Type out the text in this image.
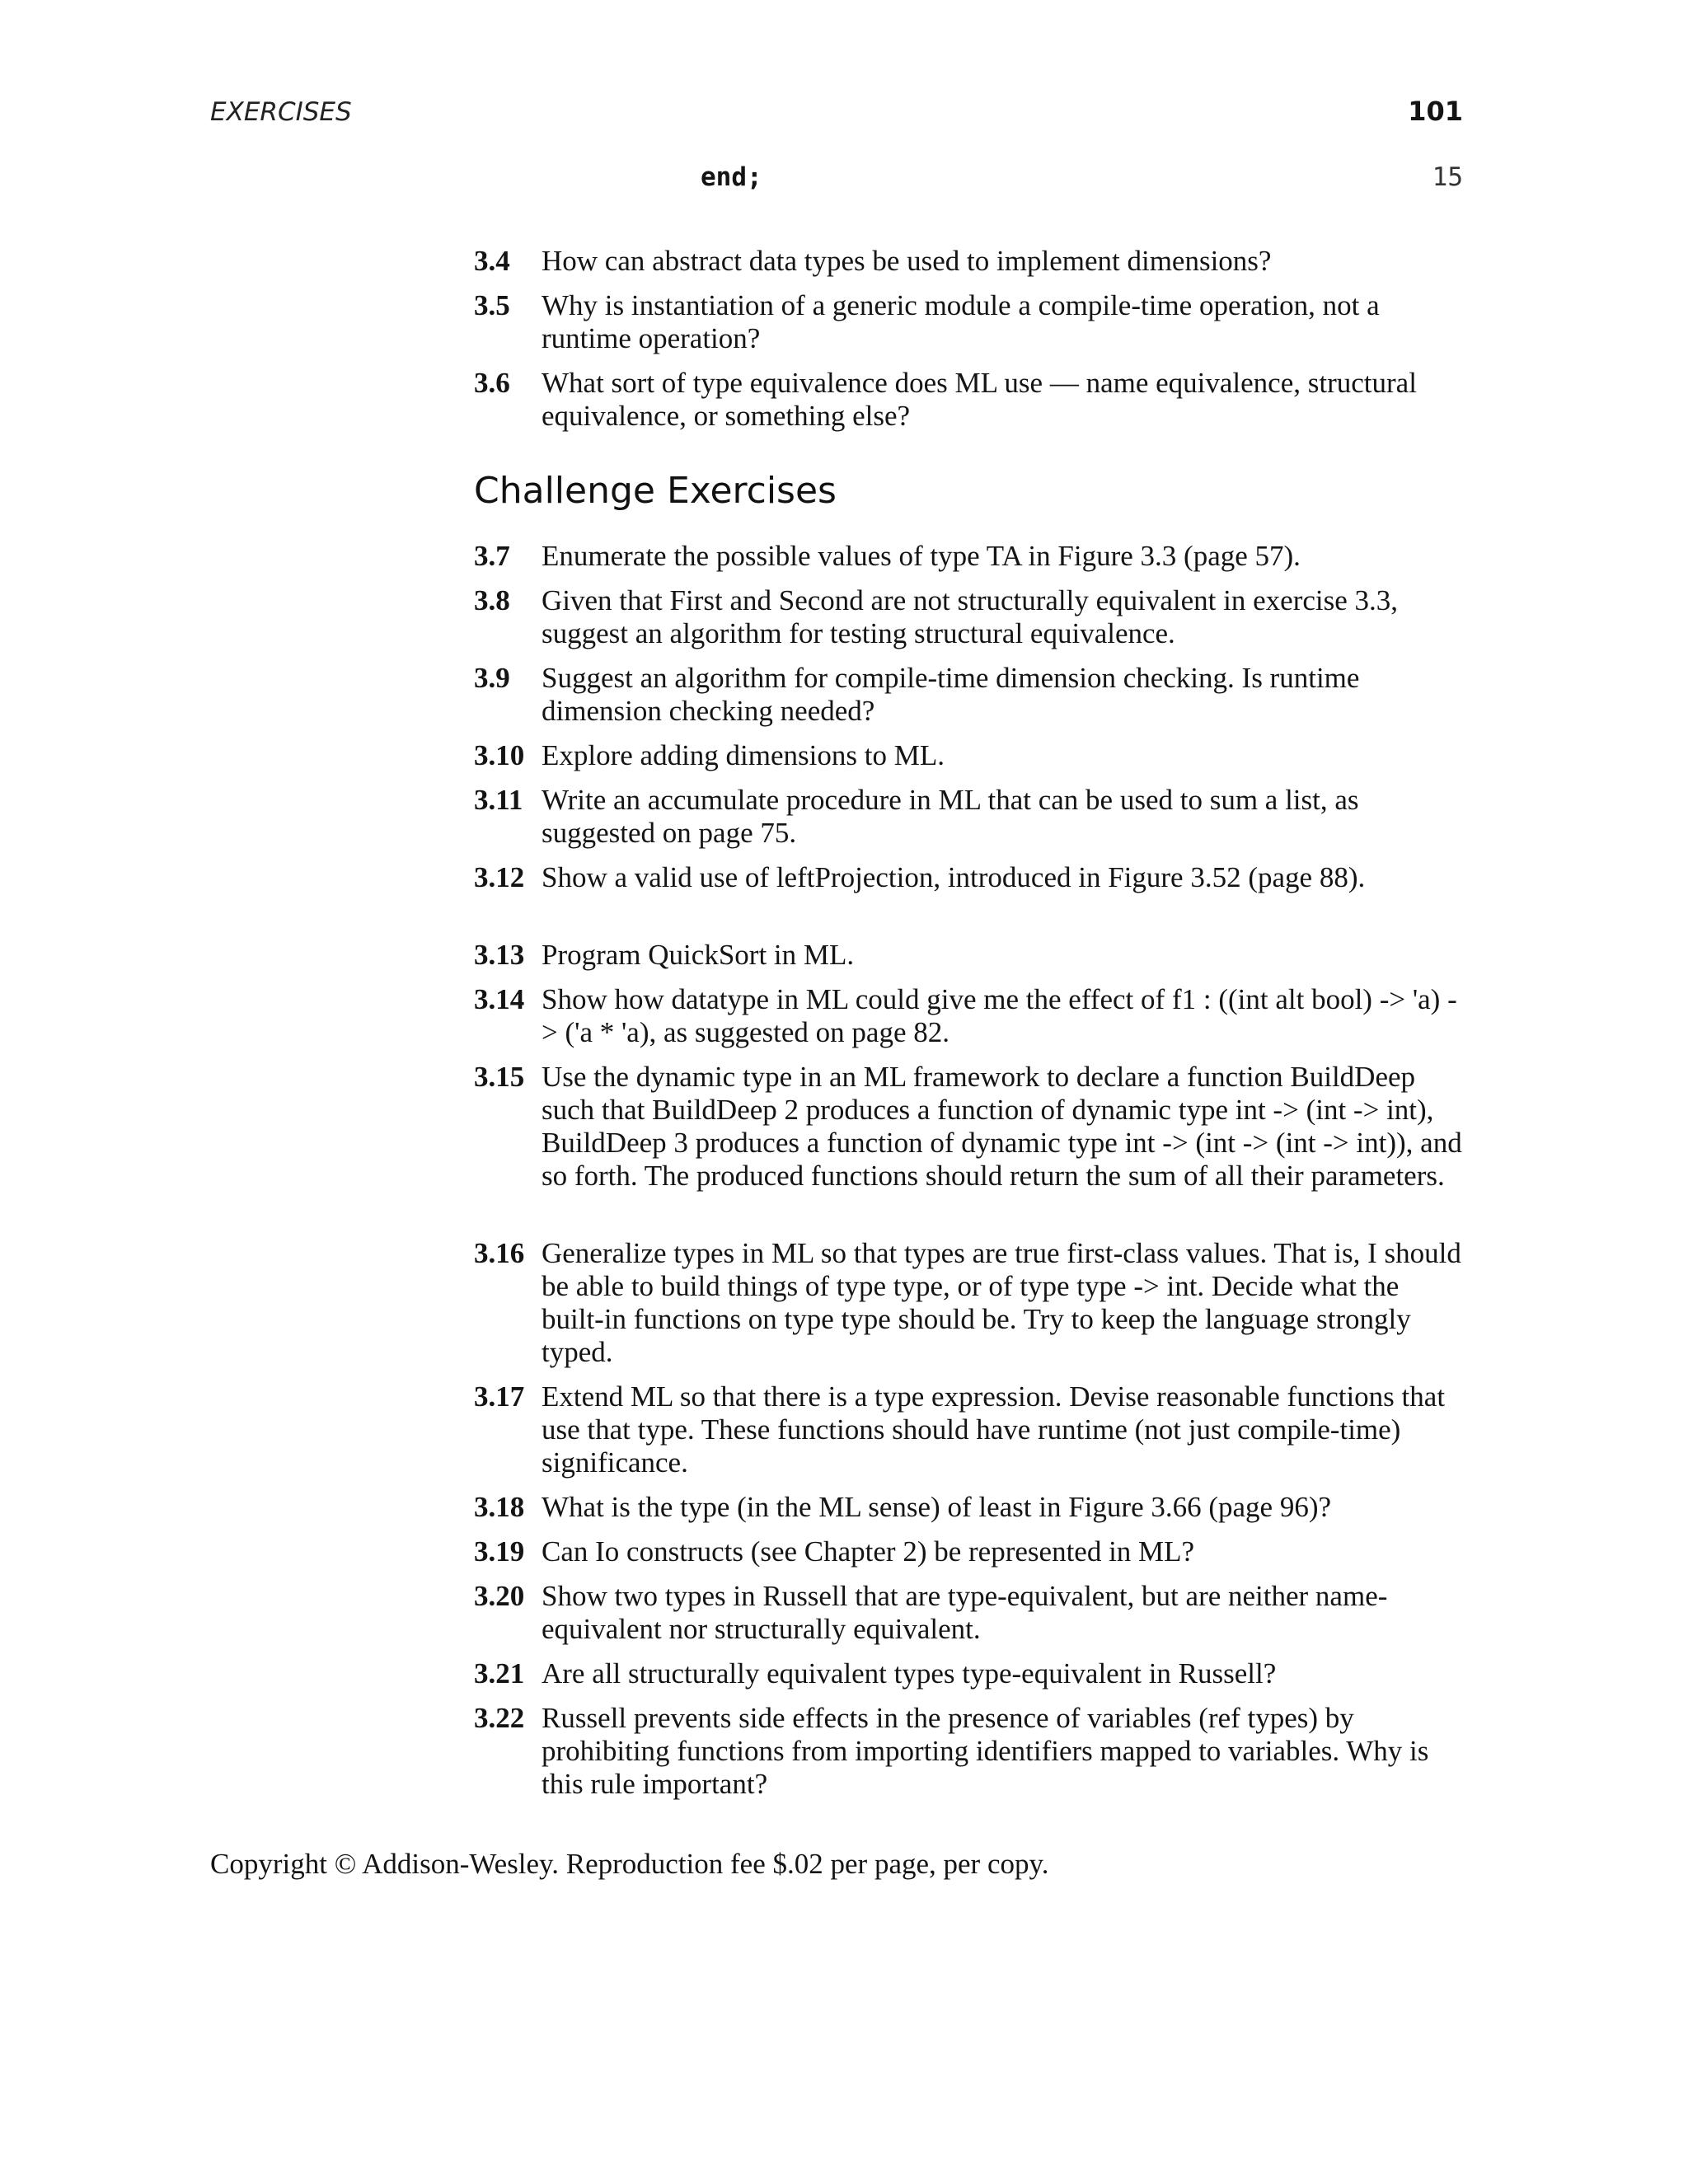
EXERCISES	101
end;	15
3.4 How can abstract data types be used to implement dimensions?
3.5 Why is instantiation of a generic module a compile-time operation, not a runtime operation?
3.6 What sort of type equivalence does ML use — name equivalence, structural equivalence, or something else?
Challenge Exercises
3.7 Enumerate the possible values of type TA in Figure 3.3 (page 57).
3.8 Given that First and Second are not structurally equivalent in exercise 3.3, suggest an algorithm for testing structural equivalence.
3.9 Suggest an algorithm for compile-time dimension checking. Is runtime dimension checking needed?
3.10 Explore adding dimensions to ML.
3.11 Write an accumulate procedure in ML that can be used to sum a list, as suggested on page 75.
3.12 Show a valid use of leftProjection, introduced in Figure 3.52 (page 88).
3.13 Program QuickSort in ML.
3.14 Show how datatype in ML could give me the effect of f1 : ((int alt bool) -> 'a) -> ('a * 'a), as suggested on page 82.
3.15 Use the dynamic type in an ML framework to declare a function BuildDeep such that BuildDeep 2 produces a function of dynamic type int -> (int -> int), BuildDeep 3 produces a function of dynamic type int -> (int -> (int -> int)), and so forth. The produced functions should return the sum of all their parameters.
3.16 Generalize types in ML so that types are true first-class values. That is, I should be able to build things of type type, or of type type -> int. Decide what the built-in functions on type type should be. Try to keep the language strongly typed.
3.17 Extend ML so that there is a type expression. Devise reasonable functions that use that type. These functions should have runtime (not just compile-time) significance.
3.18 What is the type (in the ML sense) of least in Figure 3.66 (page 96)?
3.19 Can Io constructs (see Chapter 2) be represented in ML?
3.20 Show two types in Russell that are type-equivalent, but are neither name-equivalent nor structurally equivalent.
3.21 Are all structurally equivalent types type-equivalent in Russell?
3.22 Russell prevents side effects in the presence of variables (ref types) by prohibiting functions from importing identifiers mapped to variables. Why is this rule important?
Copyright © Addison-Wesley. Reproduction fee $.02 per page, per copy.
